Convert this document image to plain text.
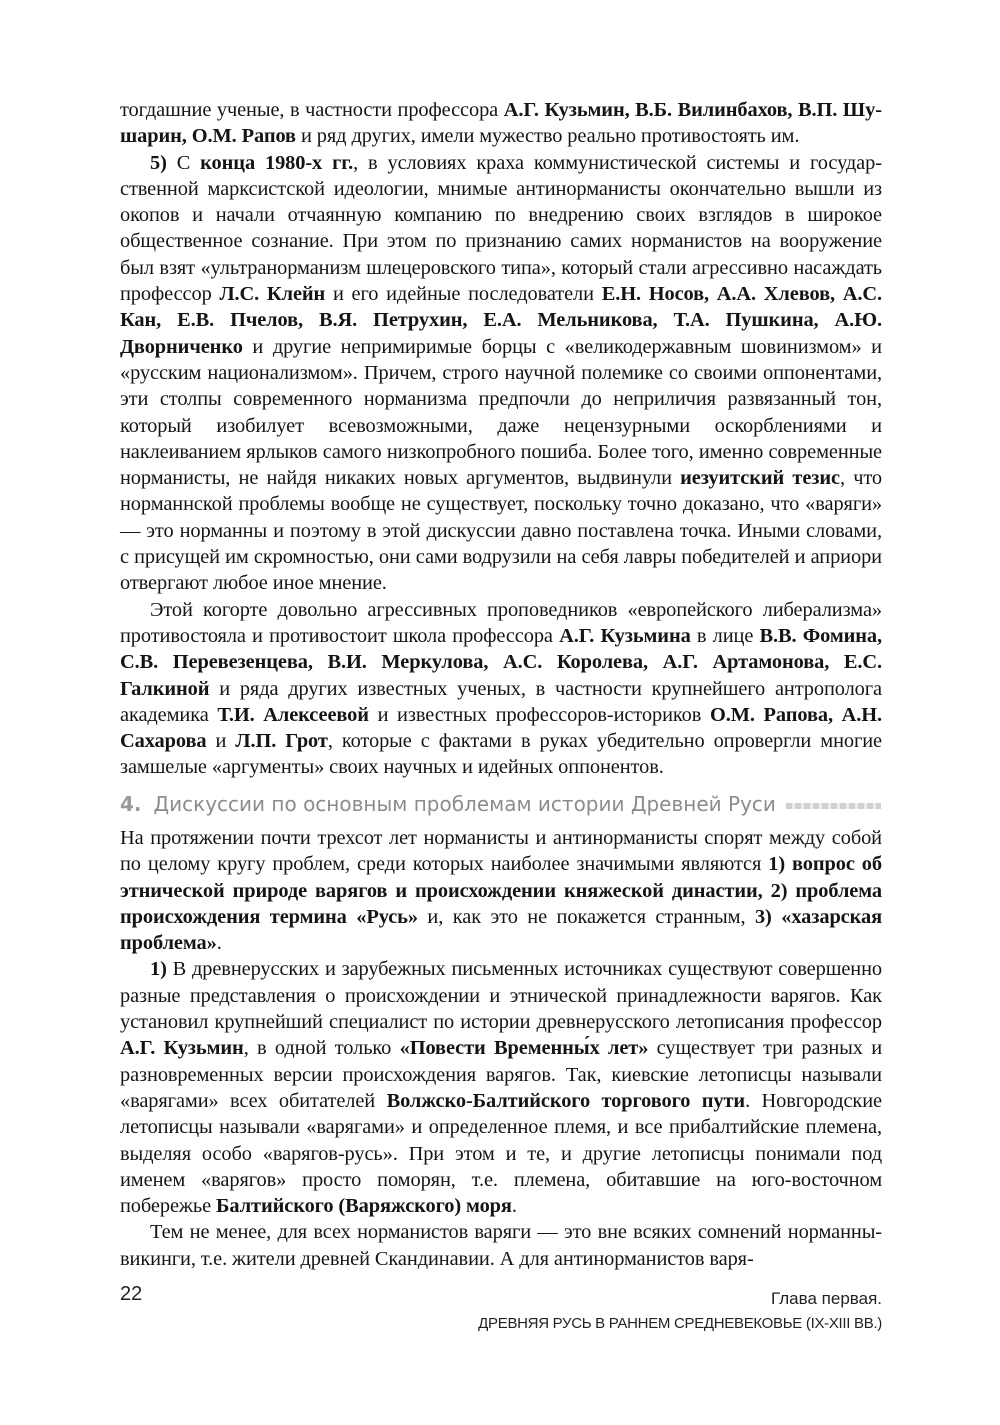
тогдашние ученые, в частности профессора А.Г. Кузьмин, В.Б. Вилинбахов, В.П. Шушарин, О.М. Рапов и ряд других, имели мужество реально противостоять им.

5) С конца 1980-х гг., в условиях краха коммунистической системы и государственной марксистской идеологии, мнимые антинорманисты окончательно вышли из окопов и начали отчаянную компанию по внедрению своих взглядов в широкое общественное сознание. При этом по признанию самих норманистов на вооружение был взят «ультранорманизм шлецеровского типа», который стали агрессивно насаждать профессор Л.С. Клейн и его идейные последователи Е.Н. Носов, А.А. Хлевов, А.С. Кан, Е.В. Пчелов, В.Я. Петрухин, Е.А. Мельникова, Т.А. Пушкина, А.Ю. Дворниченко и другие непримиримые борцы с «великодержавным шовинизмом» и «русским национализмом». Причем, строго научной полемике со своими оппонентами, эти столпы современного норманизма предпочли до неприличия развязанный тон, который изобилует всевозможными, даже нецензурными оскорблениями и наклеиванием ярлыков самого низкопробного пошиба. Более того, именно современные норманисты, не найдя никаких новых аргументов, выдвинули иезуитский тезис, что норманнской проблемы вообще не существует, поскольку точно доказано, что «варяги» — это норманны и поэтому в этой дискуссии давно поставлена точка. Иными словами, с присущей им скромностью, они сами водрузили на себя лавры победителей и априори отвергают любое иное мнение.

Этой когорте довольно агрессивных проповедников «европейского либерализма» противостояла и противостоит школа профессора А.Г. Кузьмина в лице В.В. Фомина, С.В. Перевезенцева, В.И. Меркулова, А.С. Королева, А.Г. Артамонова, Е.С. Галкиной и ряда других известных ученых, в частности крупнейшего антрополога академика Т.И. Алексеевой и известных профессоров-историков О.М. Рапова, А.Н. Сахарова и Л.П. Грот, которые с фактами в руках убедительно опровергли многие замшелые «аргументы» своих научных и идейных оппонентов.

4. Дискуссии по основным проблемам истории Древней Руси

На протяжении почти трехсот лет норманисты и антинорманисты спорят между собой по целому кругу проблем, среди которых наиболее значимыми являются 1) вопрос об этнической природе варягов и происхождении княжеской династии, 2) проблема происхождения термина «Русь» и, как это не покажется странным, 3) «хазарская проблема».

1) В древнерусских и зарубежных письменных источниках существуют совершенно разные представления о происхождении и этнической принадлежности варягов. Как установил крупнейший специалист по истории древнерусского летописания профессор А.Г. Кузьмин, в одной только «Повести Временны́х лет» существует три разных и разновременных версии происхождения варягов. Так, киевские летописцы называли «варягами» всех обитателей Волжско-Балтийского торгового пути. Новгородские летописцы называли «варягами» и определенное племя, и все прибалтийские племена, выделяя особо «варягов-русь». При этом и те, и другие летописцы понимали под именем «варягов» просто поморян, т.е. племена, обитавшие на юго-восточном побережье Балтийского (Варяжского) моря.

Тем не менее, для всех норманистов варяги — это вне всяких сомнений норманны-викинги, т.е. жители древней Скандинавии. А для антинорманистов варя-

22	Глава первая.
ДРЕВНЯЯ РУСЬ В РАННЕМ СРЕДНЕВЕКОВЬЕ (IX-XIII ВВ.)
